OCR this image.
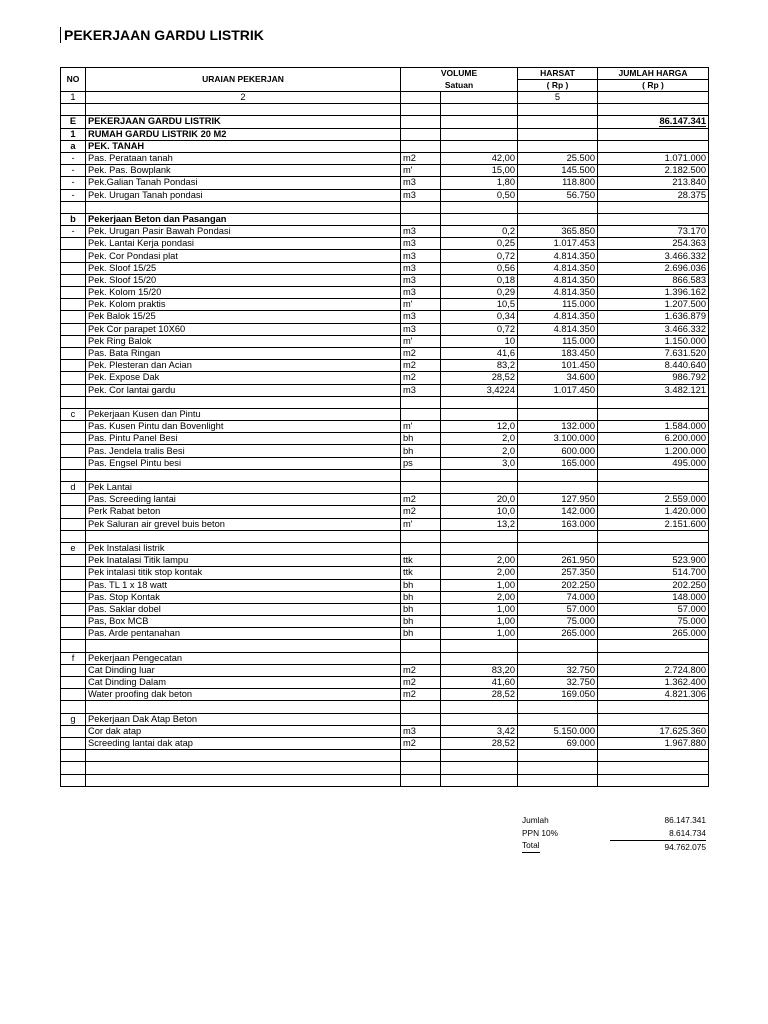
PEKERJAAN GARDU LISTRIK
NO	URAIAN PEKERJAN	VOLUME		HARSAT	JUMLAH HARGA
		Satuan		( Rp )	( Rp )
1	2			5	

E	PEKERJAAN GARDU LISTRIK				86.147.341
1	RUMAH GARDU LISTRIK 20 M2				
a	PEK. TANAH				
-	Pas. Perataan tanah	m2	42,00	25.500	1.071.000
-	Pek. Pas. Bowplank	m'	15,00	145.500	2.182.500
-	Pek.Galian Tanah Pondasi	m3	1,80	118.800	213.840
-	Pek. Urugan Tanah pondasi	m3	0,50	56.750	28.375

b	Pekerjaan Beton dan Pasangan				
-	Pek. Urugan Pasir Bawah Pondasi	m3	0,2	365.850	73.170
	Pek. Lantai Kerja pondasi	m3	0,25	1.017.453	254.363
	Pek. Cor Pondasi plat	m3	0,72	4.814.350	3.466.332
	Pek. Sloof 15/25	m3	0,56	4.814.350	2.696.036
	Pek. Sloof 15/20	m3	0,18	4.814.350	866.583
	Pek. Kolom 15/20	m3	0,29	4.814.350	1.396.162
	Pek. Kolom praktis	m'	10,5	115.000	1.207.500
	Pek Balok 15/25	m3	0,34	4.814.350	1.636.879
	Pek Cor parapet 10X60	m3	0,72	4.814.350	3.466.332
	Pek Ring Balok	m'	10	115.000	1.150.000
	Pas. Bata Ringan	m2	41,6	183.450	7.631.520
	Pek. Plesteran dan Acian	m2	83,2	101.450	8.440.640
	Pek. Expose Dak	m2	28,52	34.600	986.792
	Pek. Cor lantai gardu	m3	3,4224	1.017.450	3.482.121

c	Pekerjaan Kusen dan Pintu				
	Pas. Kusen Pintu dan Bovenlight	m'	12,0	132.000	1.584.000
	Pas. Pintu Panel Besi	bh	2,0	3.100.000	6.200.000
	Pas. Jendela tralis Besi	bh	2,0	600.000	1.200.000
	Pas. Engsel Pintu besi	ps	3,0	165.000	495.000

d	Pek Lantai				
	Pas. Screeding lantai	m2	20,0	127.950	2.559.000
	Perk Rabat beton	m2	10,0	142.000	1.420.000
	Pek Saluran air grevel buis beton	m'	13,2	163.000	2.151.600

e	Pek Instalasi listrik				
	Pek Inatalasi Titik lampu	ttk	2,00	261.950	523.900
	Pek intalasi titik stop kontak	ttk	2,00	257.350	514.700
	Pas. TL 1 x 18 watt	bh	1,00	202.250	202.250
	Pas. Stop Kontak	bh	2,00	74.000	148.000
	Pas. Saklar dobel	bh	1,00	57.000	57.000
	Pas, Box MCB	bh	1,00	75.000	75.000
	Pas. Arde pentanahan	bh	1,00	265.000	265.000

f	Pekerjaan Pengecatan				
	Cat Dinding luar	m2	83,20	32.750	2.724.800
	Cat Dinding Dalam	m2	41,60	32.750	1.362.400
	Water proofing dak beton	m2	28,52	169.050	4.821.306

g	Pekerjaan Dak Atap Beton				
	Cor dak atap	m3	3,42	5.150.000	17.625.360
	Screeding lantai dak atap	m2	28,52	69.000	1.967.880

Jumlah	86.147.341
PPN 10%	8.614.734
Total	94.762.075
